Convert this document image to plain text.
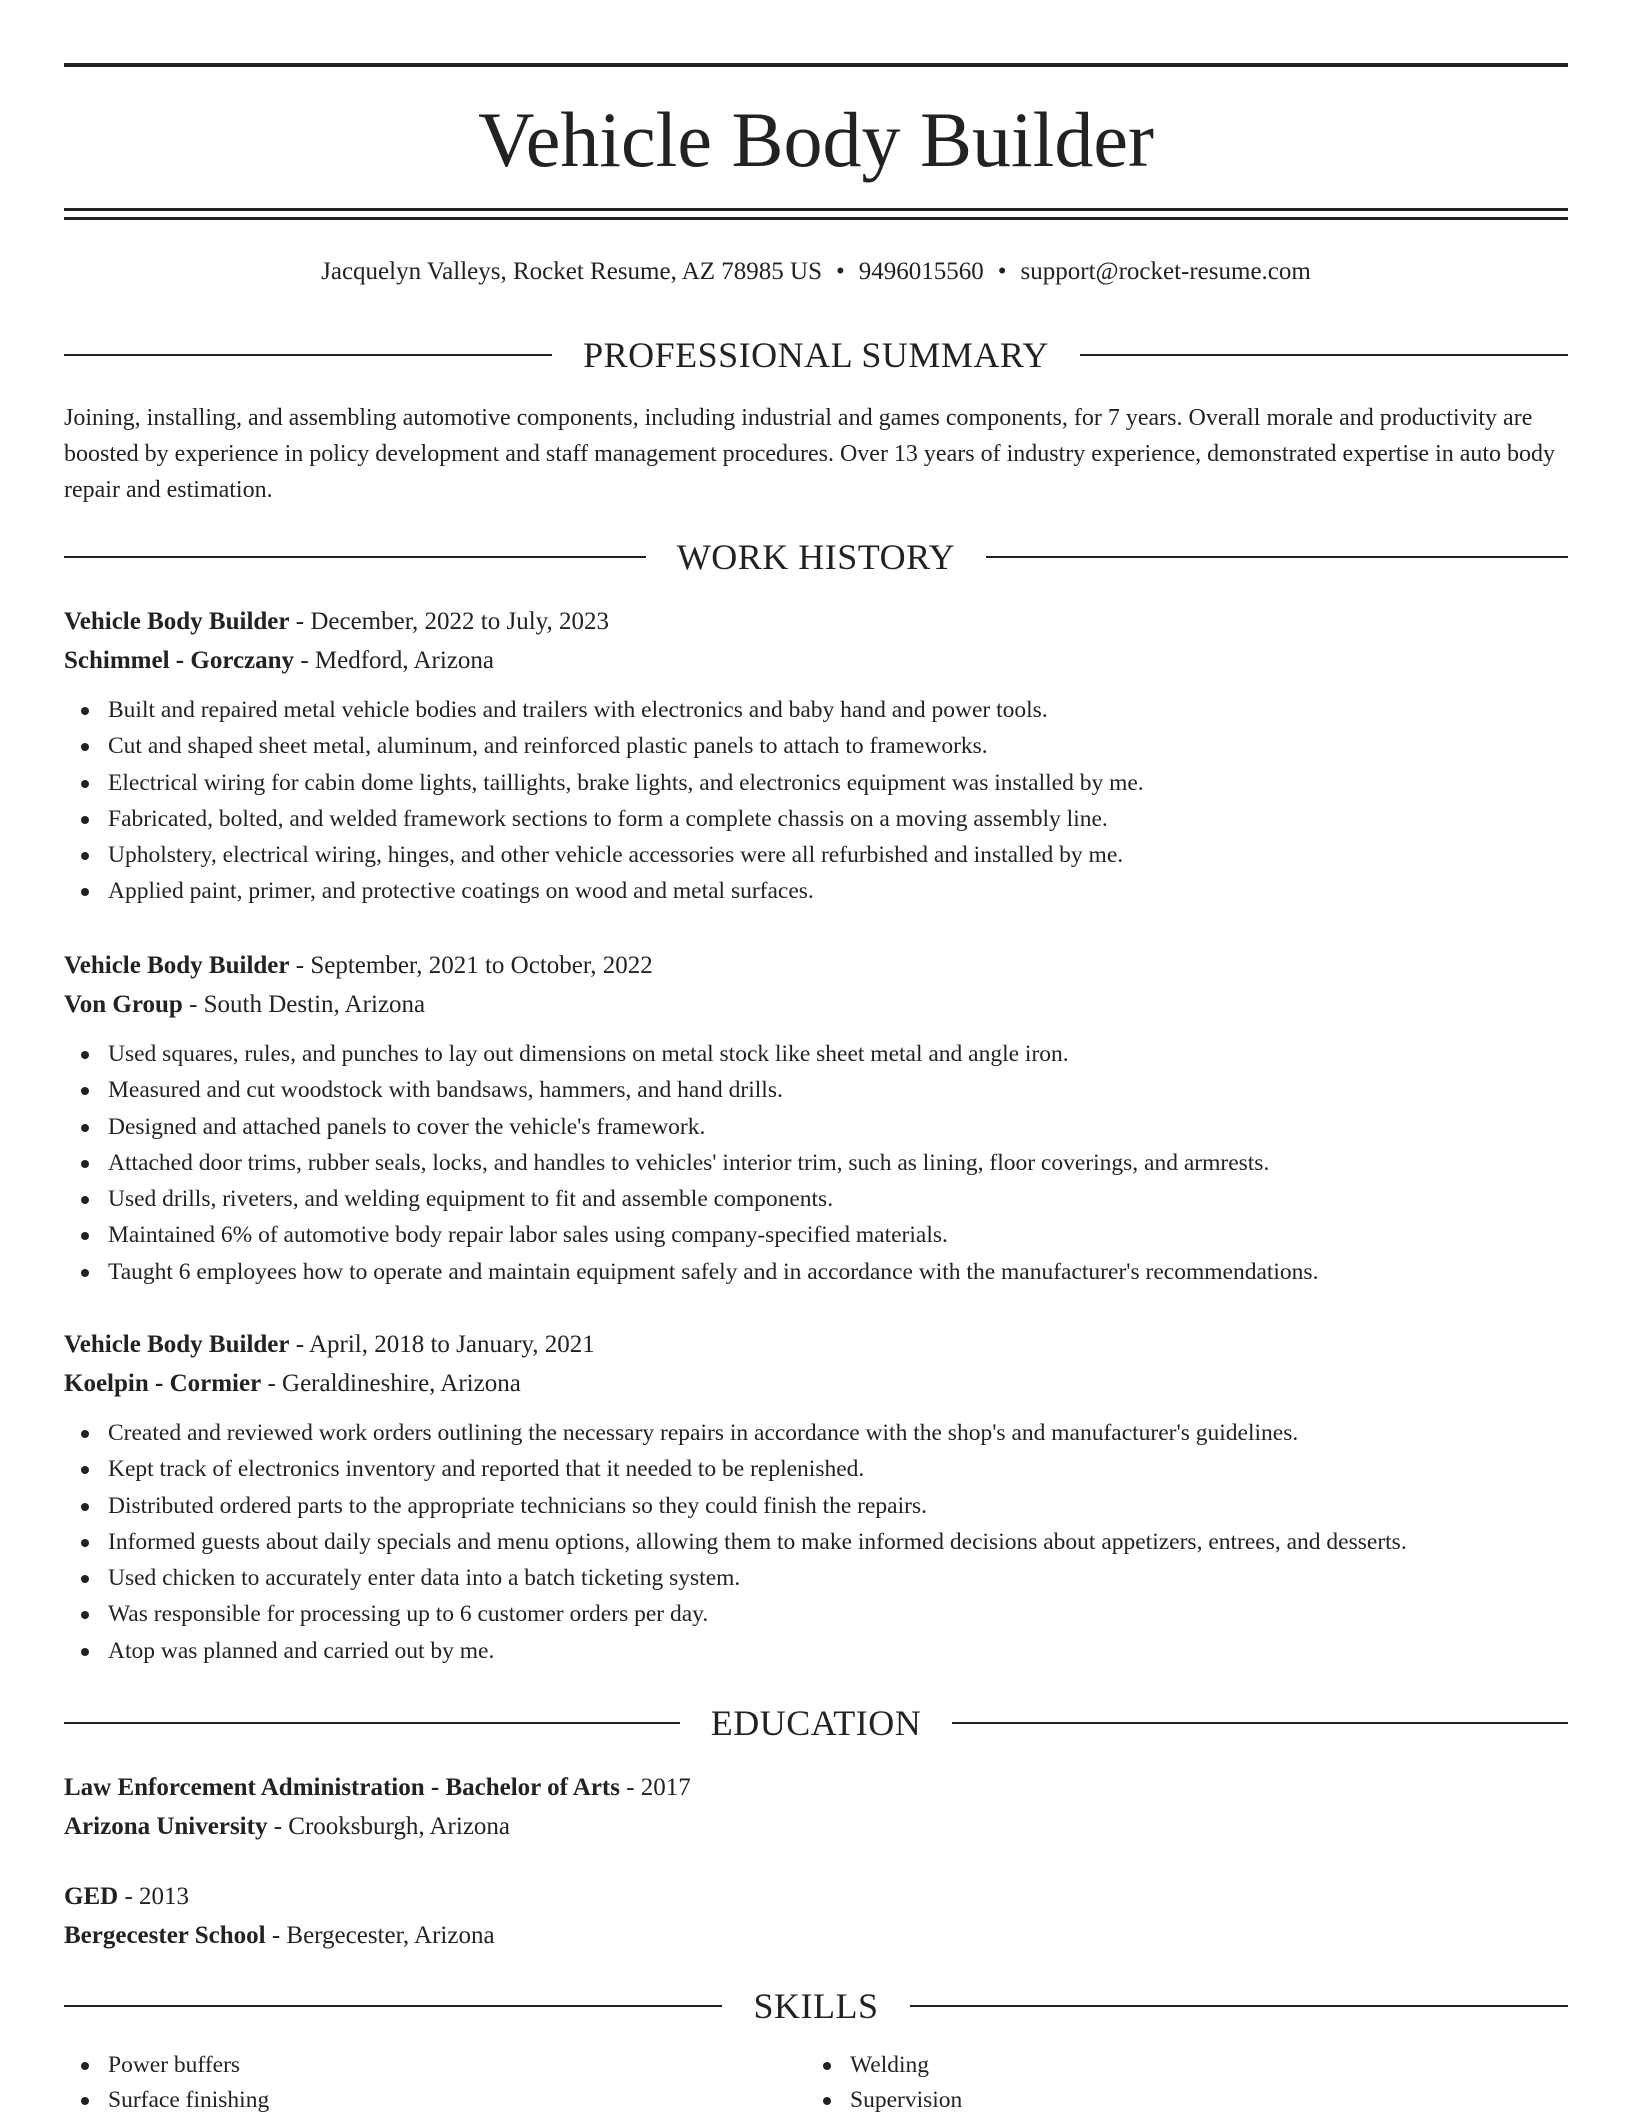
Vehicle Body Builder
Jacquelyn Valleys, Rocket Resume, AZ 78985 US • 9496015560 • support@rocket-resume.com
PROFESSIONAL SUMMARY
Joining, installing, and assembling automotive components, including industrial and games components, for 7 years. Overall morale and productivity are boosted by experience in policy development and staff management procedures. Over 13 years of industry experience, demonstrated expertise in auto body repair and estimation.
WORK HISTORY
Vehicle Body Builder - December, 2022 to July, 2023
Schimmel - Gorczany - Medford, Arizona
Built and repaired metal vehicle bodies and trailers with electronics and baby hand and power tools.
Cut and shaped sheet metal, aluminum, and reinforced plastic panels to attach to frameworks.
Electrical wiring for cabin dome lights, taillights, brake lights, and electronics equipment was installed by me.
Fabricated, bolted, and welded framework sections to form a complete chassis on a moving assembly line.
Upholstery, electrical wiring, hinges, and other vehicle accessories were all refurbished and installed by me.
Applied paint, primer, and protective coatings on wood and metal surfaces.
Vehicle Body Builder - September, 2021 to October, 2022
Von Group - South Destin, Arizona
Used squares, rules, and punches to lay out dimensions on metal stock like sheet metal and angle iron.
Measured and cut woodstock with bandsaws, hammers, and hand drills.
Designed and attached panels to cover the vehicle's framework.
Attached door trims, rubber seals, locks, and handles to vehicles' interior trim, such as lining, floor coverings, and armrests.
Used drills, riveters, and welding equipment to fit and assemble components.
Maintained 6% of automotive body repair labor sales using company-specified materials.
Taught 6 employees how to operate and maintain equipment safely and in accordance with the manufacturer's recommendations.
Vehicle Body Builder - April, 2018 to January, 2021
Koelpin - Cormier - Geraldineshire, Arizona
Created and reviewed work orders outlining the necessary repairs in accordance with the shop's and manufacturer's guidelines.
Kept track of electronics inventory and reported that it needed to be replenished.
Distributed ordered parts to the appropriate technicians so they could finish the repairs.
Informed guests about daily specials and menu options, allowing them to make informed decisions about appetizers, entrees, and desserts.
Used chicken to accurately enter data into a batch ticketing system.
Was responsible for processing up to 6 customer orders per day.
Atop was planned and carried out by me.
EDUCATION
Law Enforcement Administration - Bachelor of Arts - 2017
Arizona University - Crooksburgh, Arizona
GED - 2013
Bergecester School - Bergecester, Arizona
SKILLS
Power buffers
Surface finishing
Welding
Supervision
